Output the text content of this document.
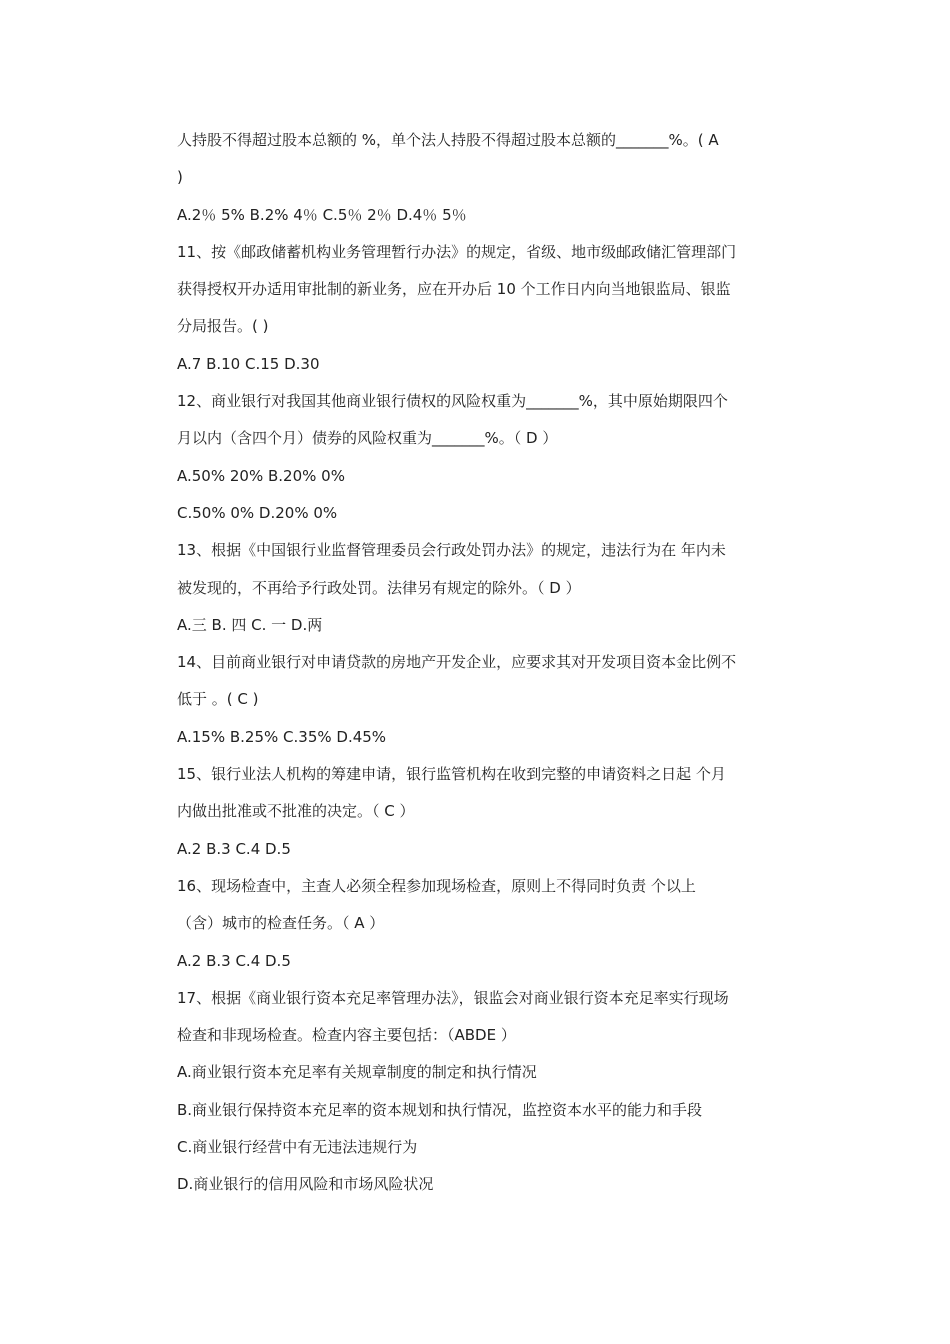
人持股不得超过股本总额的 %，单个法人持股不得超过股本总额的_______%。( A
)
A.2％ 5% B.2% 4％ C.5％ 2％ D.4％ 5％
11、按《邮政储蓄机构业务管理暂行办法》的规定，省级、地市级邮政储汇管理部门
获得授权开办适用审批制的新业务，应在开办后 10 个工作日内向当地银监局、银监
分局报告。( )
A.7 B.10 C.15 D.30
12、商业银行对我国其他商业银行债权的风险权重为_______%，其中原始期限四个
月以内（含四个月）债券的风险权重为_______%。（ D ）
A.50% 20% B.20% 0%
C.50% 0% D.20% 0%
13、根据《中国银行业监督管理委员会行政处罚办法》的规定，违法行为在 年内未
被发现的，不再给予行政处罚。法律另有规定的除外。（ D ）
A.三 B. 四 C. 一 D.两
14、目前商业银行对申请贷款的房地产开发企业，应要求其对开发项目资本金比例不
低于 。( C )
A.15% B.25% C.35% D.45%
15、银行业法人机构的筹建申请，银行监管机构在收到完整的申请资料之日起 个月
内做出批准或不批准的决定。（ C ）
A.2 B.3 C.4 D.5
16、现场检查中，主查人必须全程参加现场检查，原则上不得同时负责 个以上
（含）城市的检查任务。（ A ）
A.2 B.3 C.4 D.5
17、根据《商业银行资本充足率管理办法》，银监会对商业银行资本充足率实行现场
检查和非现场检查。检查内容主要包括：（ABDE ）
A.商业银行资本充足率有关规章制度的制定和执行情况
B.商业银行保持资本充足率的资本规划和执行情况，监控资本水平的能力和手段
C.商业银行经营中有无违法违规行为
D.商业银行的信用风险和市场风险状况
